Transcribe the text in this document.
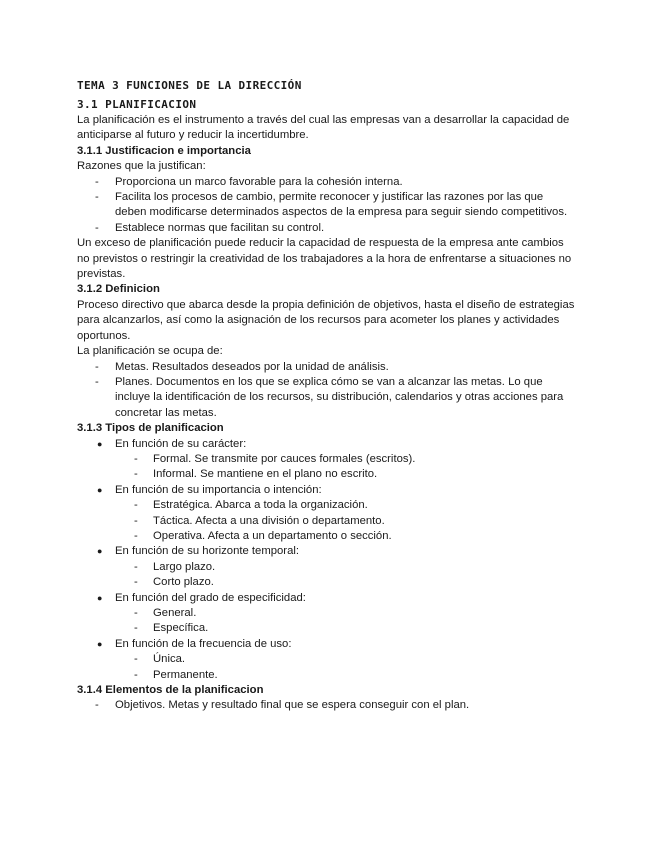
TEMA 3 FUNCIONES DE LA DIRECCIÓN
3.1 PLANIFICACION

La planificación es el instrumento a través del cual las empresas van a desarrollar la capacidad de anticiparse al futuro y reducir la incertidumbre.

3.1.1 Justificacion e importancia

Razones que la justifican:

- Proporciona un marco favorable para la cohesión interna.
- Facilita los procesos de cambio, permite reconocer y justificar las razones por las que deben modificarse determinados aspectos de la empresa para seguir siendo competitivos.
- Establece normas que facilitan su control.

Un exceso de planificación puede reducir la capacidad de respuesta de la empresa ante cambios no previstos o restringir la creatividad de los trabajadores a la hora de enfrentarse a situaciones no previstas.

3.1.2 Definicion

Proceso directivo que abarca desde la propia definición de objetivos, hasta el diseño de estrategias para alcanzarlos, así como la asignación de los recursos para acometer los planes y actividades oportunos.

La planificación se ocupa de:

- Metas. Resultados deseados por la unidad de análisis.
- Planes. Documentos en los que se explica cómo se van a alcanzar las metas. Lo que incluye la identificación de los recursos, su distribución, calendarios y otras acciones para concretar las metas.
3.1.3 Tipos de planificacion
● En función de su carácter:
- Formal. Se transmite por cauces formales (escritos).
- Informal. Se mantiene en el plano no escrito.
● En función de su importancia o intención:
- Estratégica. Abarca a toda la organización.
- Táctica. Afecta a una división o departamento.
- Operativa. Afecta a un departamento o sección.
● En función de su horizonte temporal:
- Largo plazo.
- Corto plazo.
● En función del grado de especificidad:
- General.
- Específica.
● En función de la frecuencia de uso:
- Única.
- Permanente.
3.1.4 Elementos de la planificacion
- Objetivos. Metas y resultado final que se espera conseguir con el plan.
